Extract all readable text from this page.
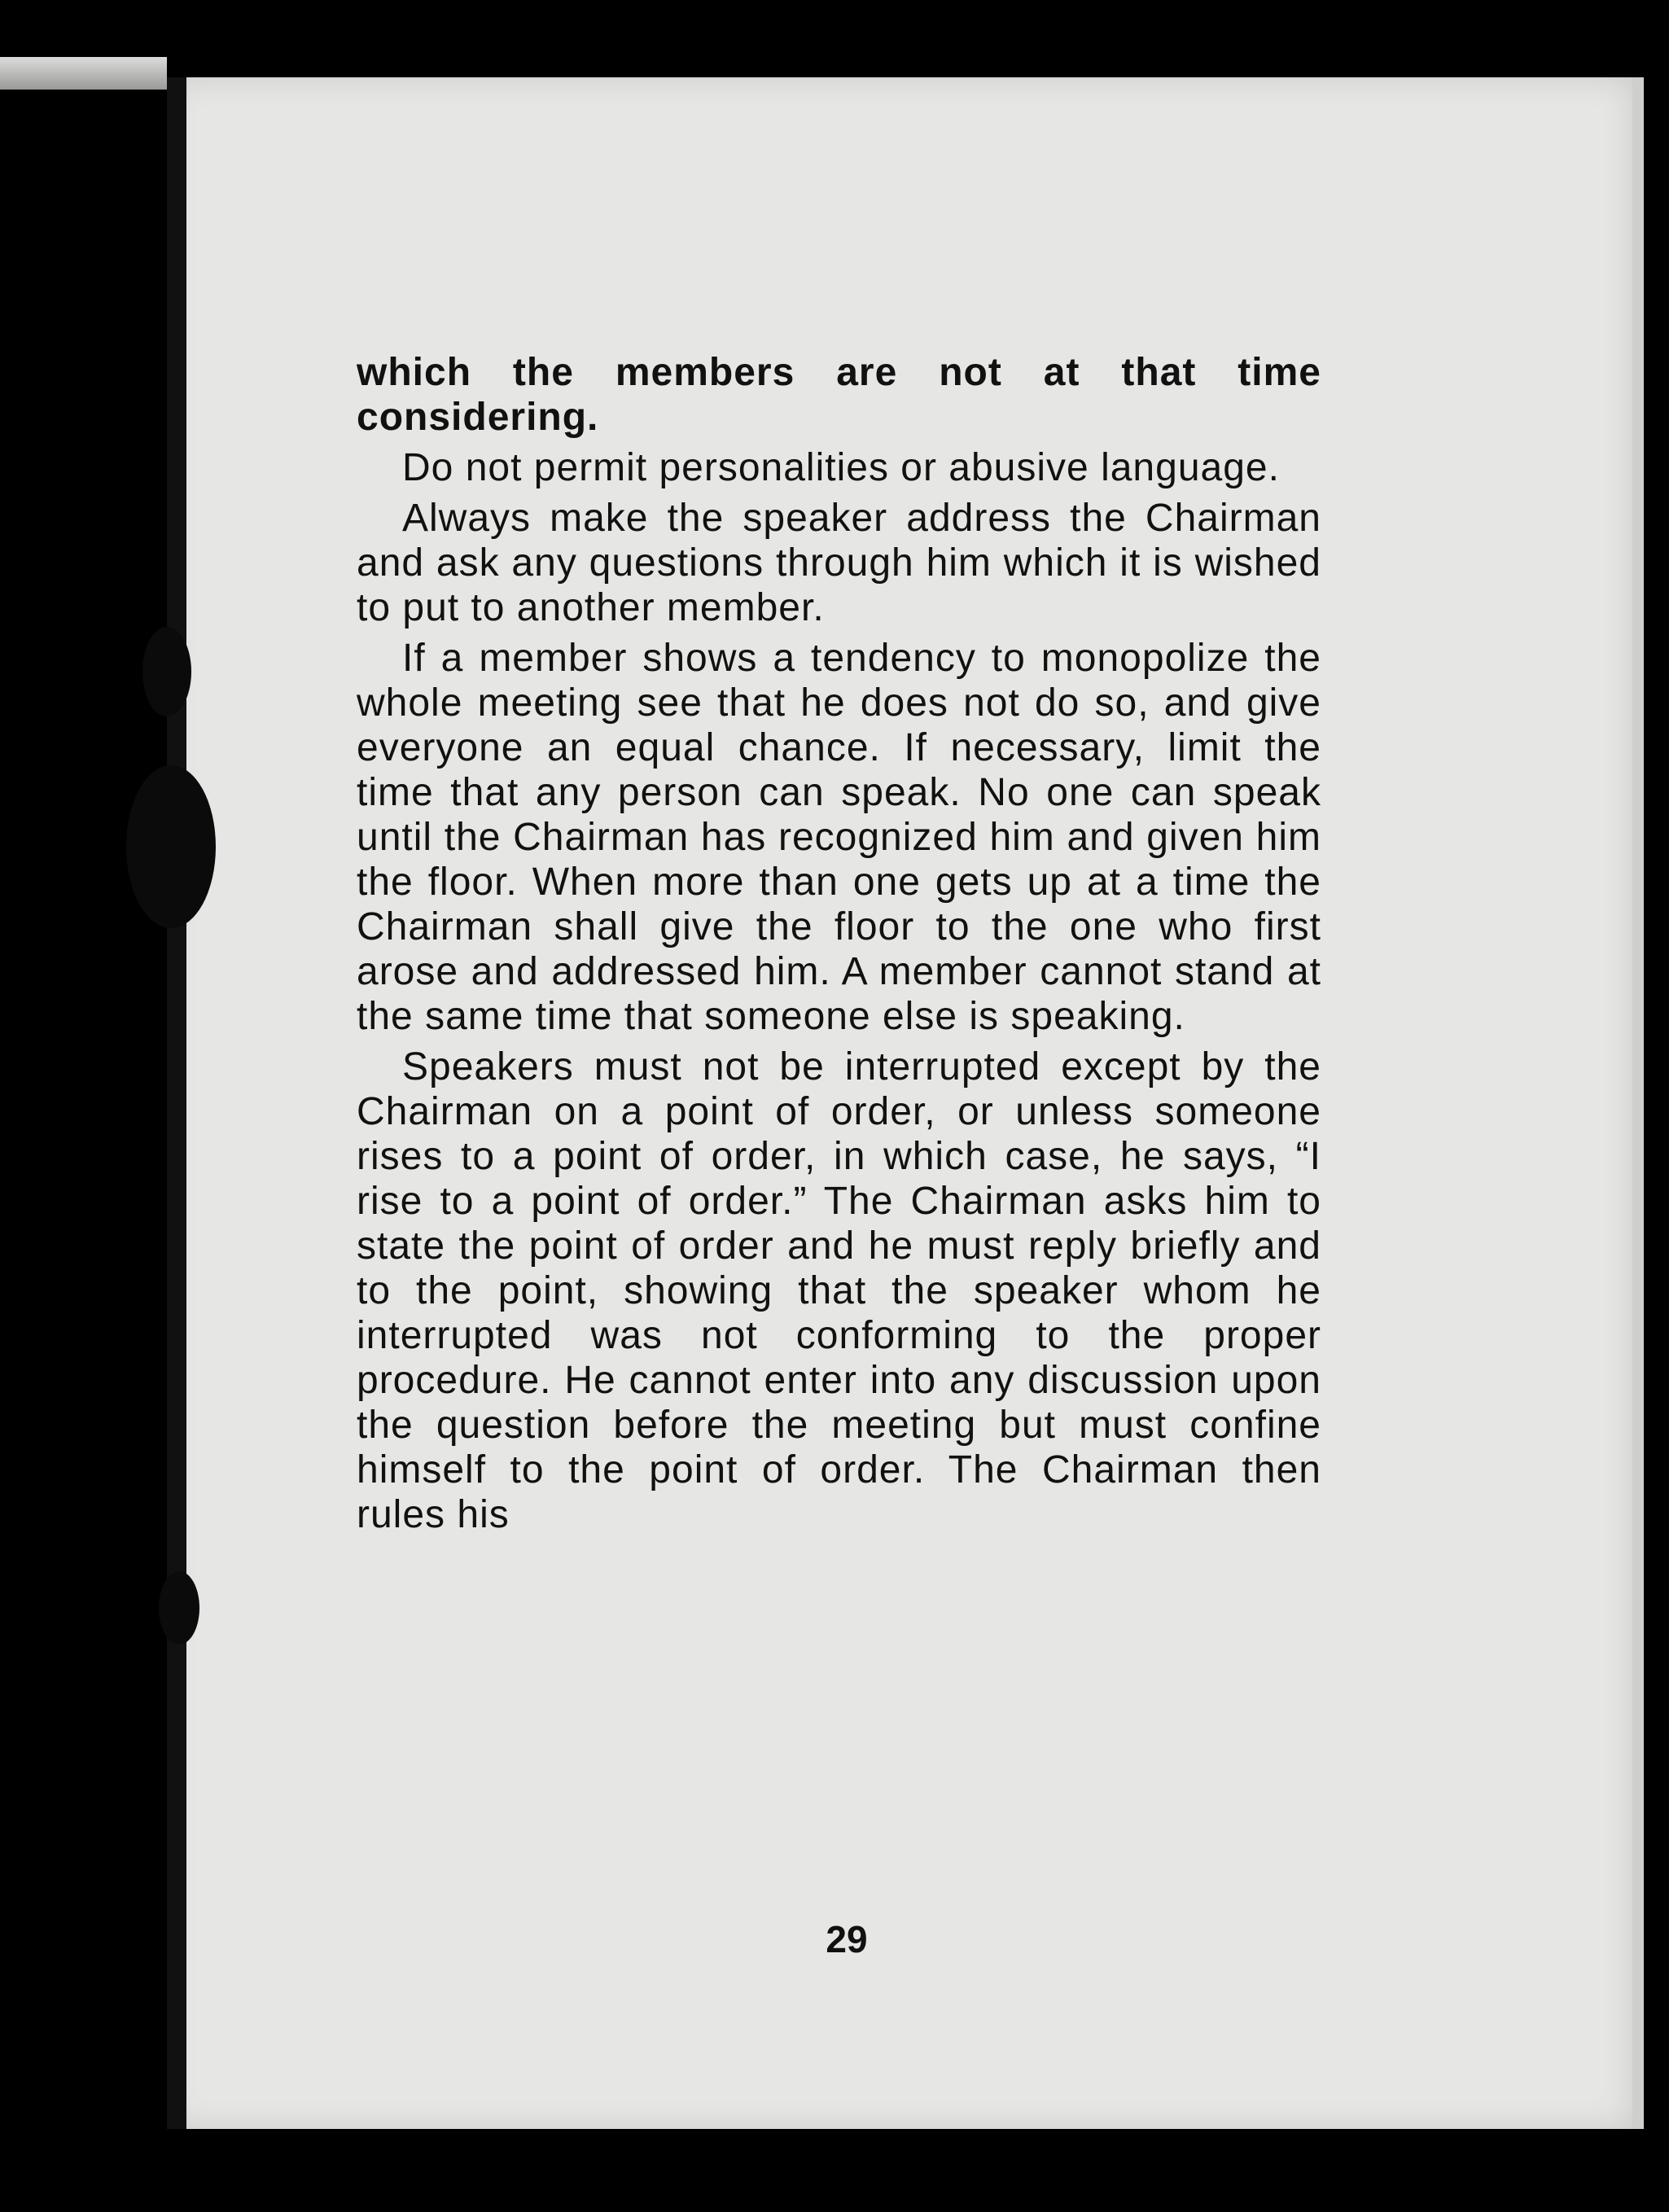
which the members are not at that time considering.

Do not permit personalities or abusive language.

Always make the speaker address the Chairman and ask any questions through him which it is wished to put to another member.

If a member shows a tendency to monopolize the whole meeting see that he does not do so, and give everyone an equal chance. If necessary, limit the time that any person can speak. No one can speak until the Chairman has recognized him and given him the floor. When more than one gets up at a time the Chairman shall give the floor to the one who first arose and addressed him. A member cannot stand at the same time that someone else is speaking.

Speakers must not be interrupted except by the Chairman on a point of order, or unless someone rises to a point of order, in which case, he says, “I rise to a point of order.” The Chairman asks him to state the point of order and he must reply briefly and to the point, showing that the speaker whom he interrupted was not conforming to the proper procedure. He cannot enter into any discussion upon the question before the meeting but must confine himself to the point of order. The Chairman then rules his

29
